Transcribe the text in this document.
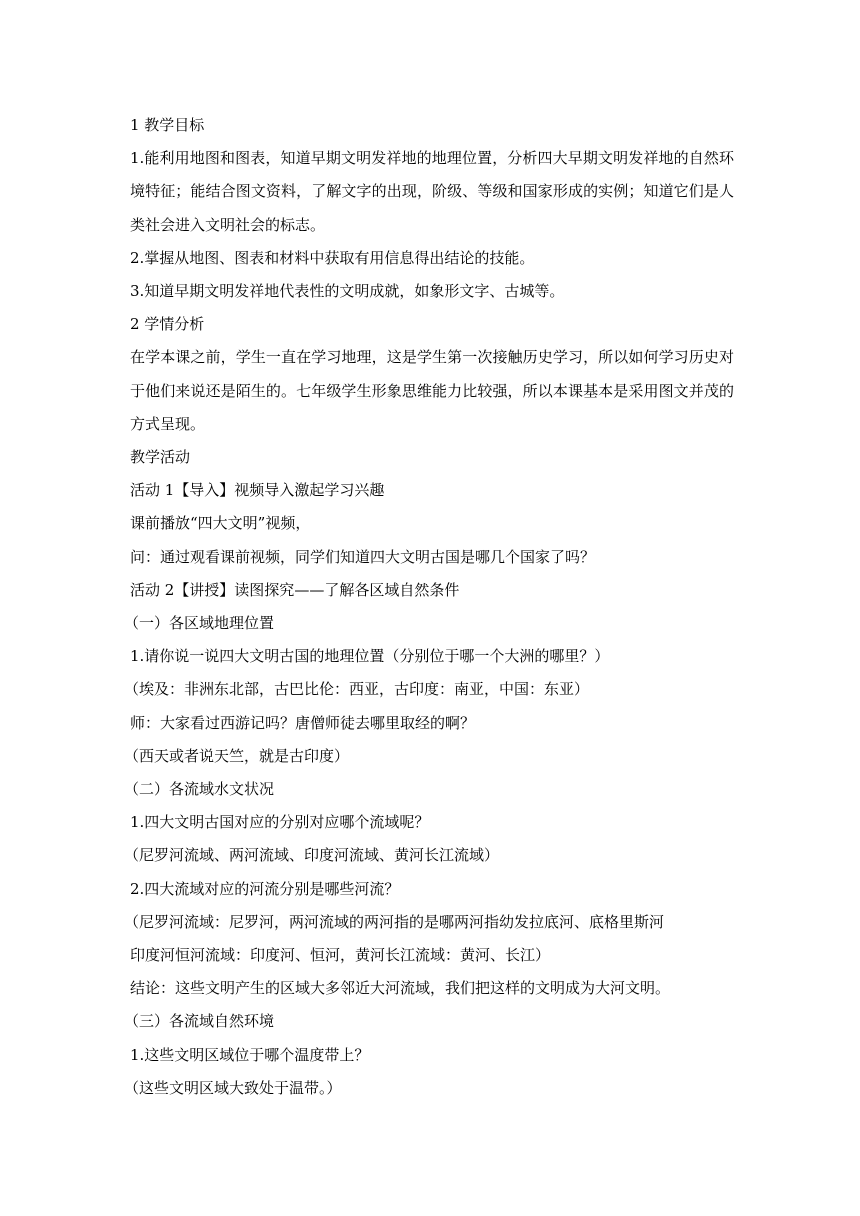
1 教学目标
1.能利用地图和图表，知道早期文明发祥地的地理位置，分析四大早期文明发祥地的自然环境特征；能结合图文资料，了解文字的出现，阶级、等级和国家形成的实例；知道它们是人类社会进入文明社会的标志。
2.掌握从地图、图表和材料中获取有用信息得出结论的技能。
3.知道早期文明发祥地代表性的文明成就，如象形文字、古城等。
2 学情分析
在学本课之前，学生一直在学习地理，这是学生第一次接触历史学习，所以如何学习历史对于他们来说还是陌生的。七年级学生形象思维能力比较强，所以本课基本是采用图文并茂的方式呈现。
教学活动
活动 1【导入】视频导入激起学习兴趣
课前播放“四大文明”视频，
问：通过观看课前视频，同学们知道四大文明古国是哪几个国家了吗？
活动 2【讲授】读图探究——了解各区域自然条件
（一）各区域地理位置
1.请你说一说四大文明古国的地理位置（分别位于哪一个大洲的哪里？）
（埃及：非洲东北部，古巴比伦：西亚，古印度：南亚，中国：东亚）
师：大家看过西游记吗？唐僧师徒去哪里取经的啊？
（西天或者说天竺，就是古印度）
（二）各流域水文状况
1.四大文明古国对应的分别对应哪个流域呢？
（尼罗河流域、两河流域、印度河流域、黄河长江流域）
2.四大流域对应的河流分别是哪些河流？
（尼罗河流域：尼罗河，两河流域的两河指的是哪两河指幼发拉底河、底格里斯河
印度河恒河流域：印度河、恒河，黄河长江流域：黄河、长江）
结论：这些文明产生的区域大多邻近大河流域，我们把这样的文明成为大河文明。
（三）各流域自然环境
1.这些文明区域位于哪个温度带上？
（这些文明区域大致处于温带。）
